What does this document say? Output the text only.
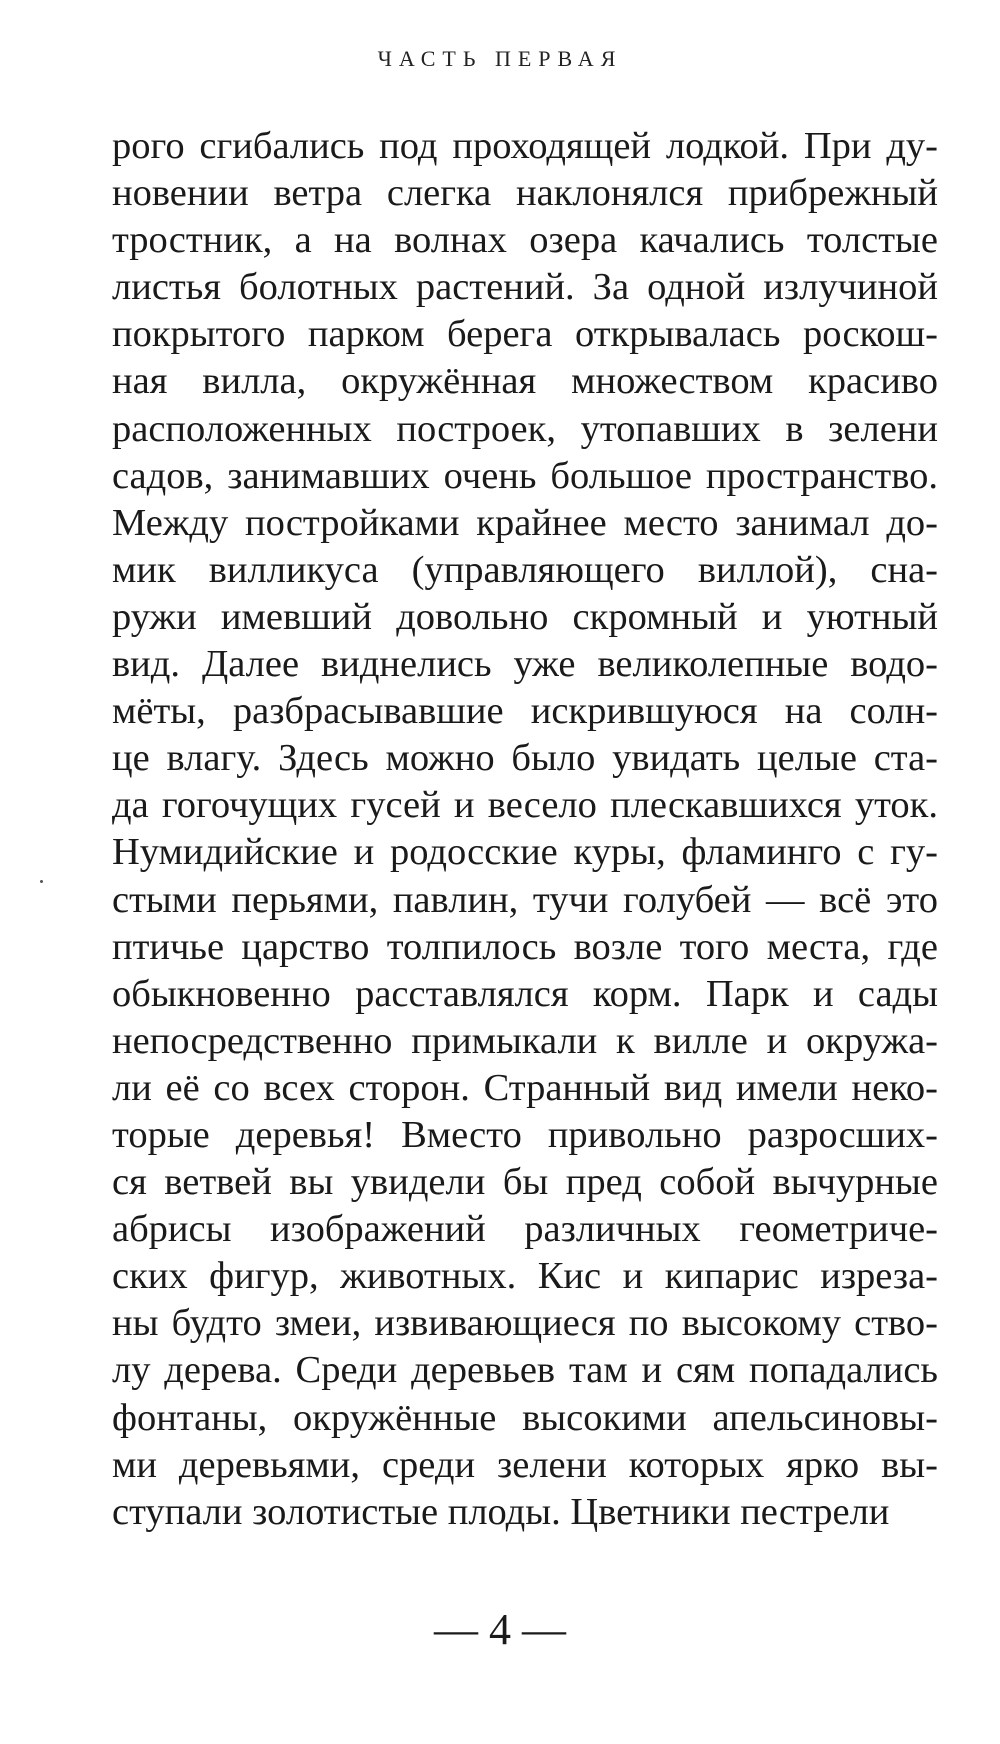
ЧАСТЬ ПЕРВАЯ
рого сгибались под проходящей лодкой. При ду-
новении ветра слегка наклонялся прибрежный
тростник, а на волнах озера качались толстые
листья болотных растений. За одной излучиной
покрытого парком берега открывалась роскош-
ная вилла, окружённая множеством красиво
расположенных построек, утопавших в зелени
садов, занимавших очень большое пространство.
Между постройками крайнее место занимал до-
мик вилликуса (управляющего виллой), сна-
ружи имевший довольно скромный и уютный
вид. Далее виднелись уже великолепные водо-
мёты, разбрасывавшие искрившуюся на солн-
це влагу. Здесь можно было увидать целые ста-
да гогочущих гусей и весело плескавшихся уток.
Нумидийские и родосские куры, фламинго с гу-
стыми перьями, павлин, тучи голубей — всё это
птичье царство толпилось возле того места, где
обыкновенно расставлялся корм. Парк и сады
непосредственно примыкали к вилле и окружа-
ли её со всех сторон. Странный вид имели неко-
торые деревья! Вместо привольно разросших-
ся ветвей вы увидели бы пред собой вычурные
абрисы изображений различных геометриче-
ских фигур, животных. Кис и кипарис изреза-
ны будто змеи, извивающиеся по высокому ство-
лу дерева. Среди деревьев там и сям попадались
фонтаны, окружённые высокими апельсиновы-
ми деревьями, среди зелени которых ярко вы-
ступали золотистые плоды. Цветники пестрели
— 4 —
